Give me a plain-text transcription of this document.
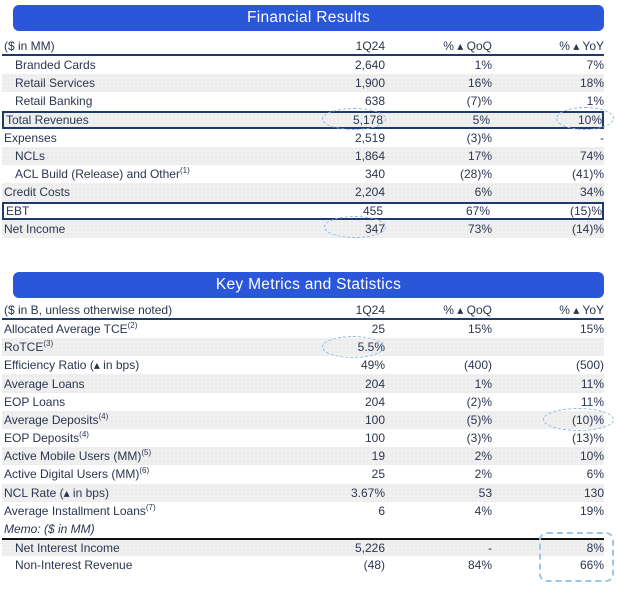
Financial Results
($ in MM)	1Q24	% ▴ QoQ	% ▴ YoY
Branded Cards	2,640	1%	7%
Retail Services	1,900	16%	18%
Retail Banking	638	(7)%	1%
Total Revenues	5,178	5%	10%
Expenses	2,519	(3)%	-
NCLs	1,864	17%	74%
ACL Build (Release) and Other$^{(1)}$	340	(28)%	(41)%
Credit Costs	2,204	6%	34%
EBT	455	67%	(15)%
Net Income	347	73%	(14)%
Key Metrics and Statistics
($ in B, unless otherwise noted)	1Q24	% ▴ QoQ	% ▴ YoY
Allocated Average TCE$^{(2)}$	25	15%	15%
RoTCE$^{(3)}$	5.5%
Efficiency Ratio (▴ in bps)	49%	(400)	(500)
Average Loans	204	1%	11%
EOP Loans	204	(2)%	11%
Average Deposits$^{(4)}$	100	(5)%	(10)%
EOP Deposits$^{(4)}$	100	(3)%	(13)%
Active Mobile Users (MM)$^{(5)}$	19	2%	10%
Active Digital Users (MM)$^{(6)}$	25	2%	6%
NCL Rate (▴ in bps)	3.67%	53	130
Average Installment Loans$^{(7)}$	6	4%	19%
Memo: ($ in MM)
Net Interest Income	5,226	-	8%
Non-Interest Revenue	(48)	84%	66%
